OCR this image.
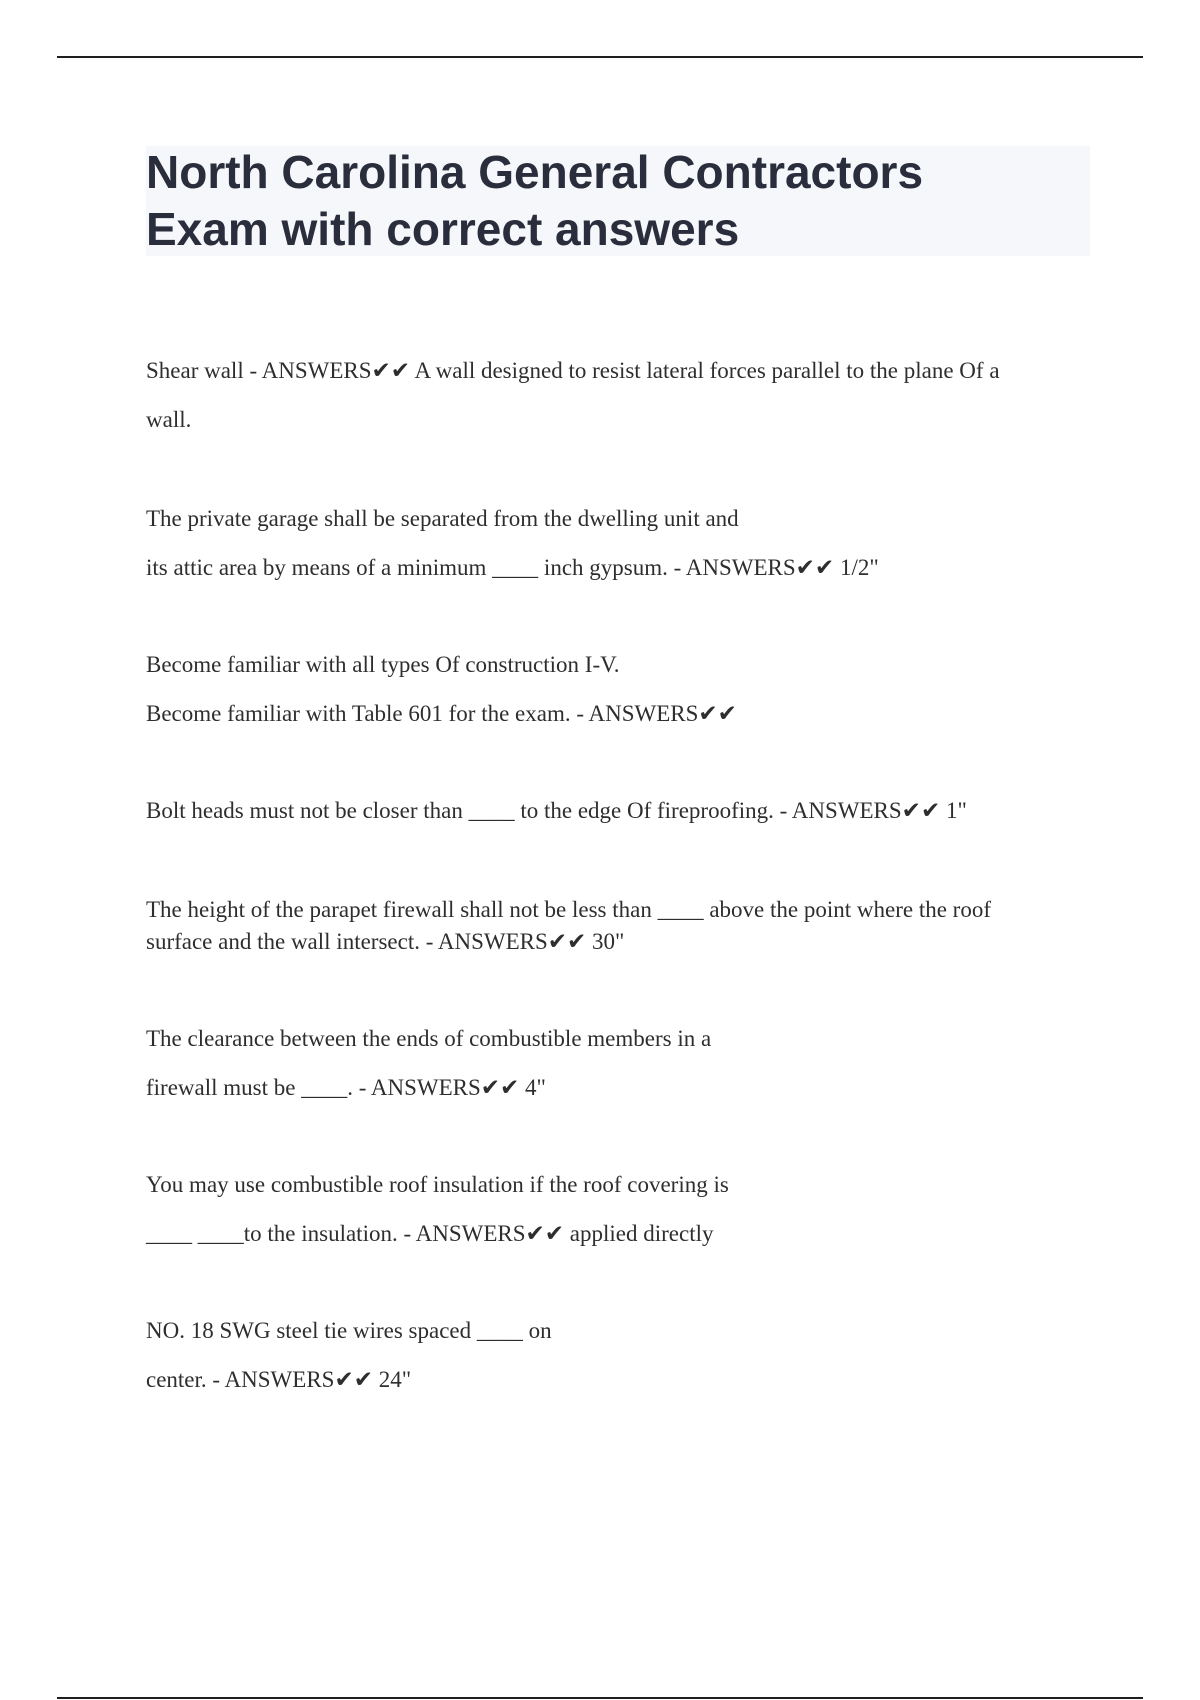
North Carolina General Contractors
Exam with correct answers
Shear wall - ANSWERS✔✔ A wall designed to resist lateral forces parallel to the plane Of a
wall.
The private garage shall be separated from the dwelling unit and
its attic area by means of a minimum ____ inch gypsum. - ANSWERS✔✔ 1/2"
Become familiar with all types Of construction I-V.
Become familiar with Table 601 for the exam. - ANSWERS✔✔
Bolt heads must not be closer than ____ to the edge Of fireproofing. - ANSWERS✔✔ 1"
The height of the parapet firewall shall not be less than ____ above the point where the roof
surface and the wall intersect. - ANSWERS✔✔ 30"
The clearance between the ends of combustible members in a
firewall must be ____. - ANSWERS✔✔ 4"
You may use combustible roof insulation if the roof covering is
____ ____to the insulation. - ANSWERS✔✔ applied directly
NO. 18 SWG steel tie wires spaced ____ on
center. - ANSWERS✔✔ 24"
